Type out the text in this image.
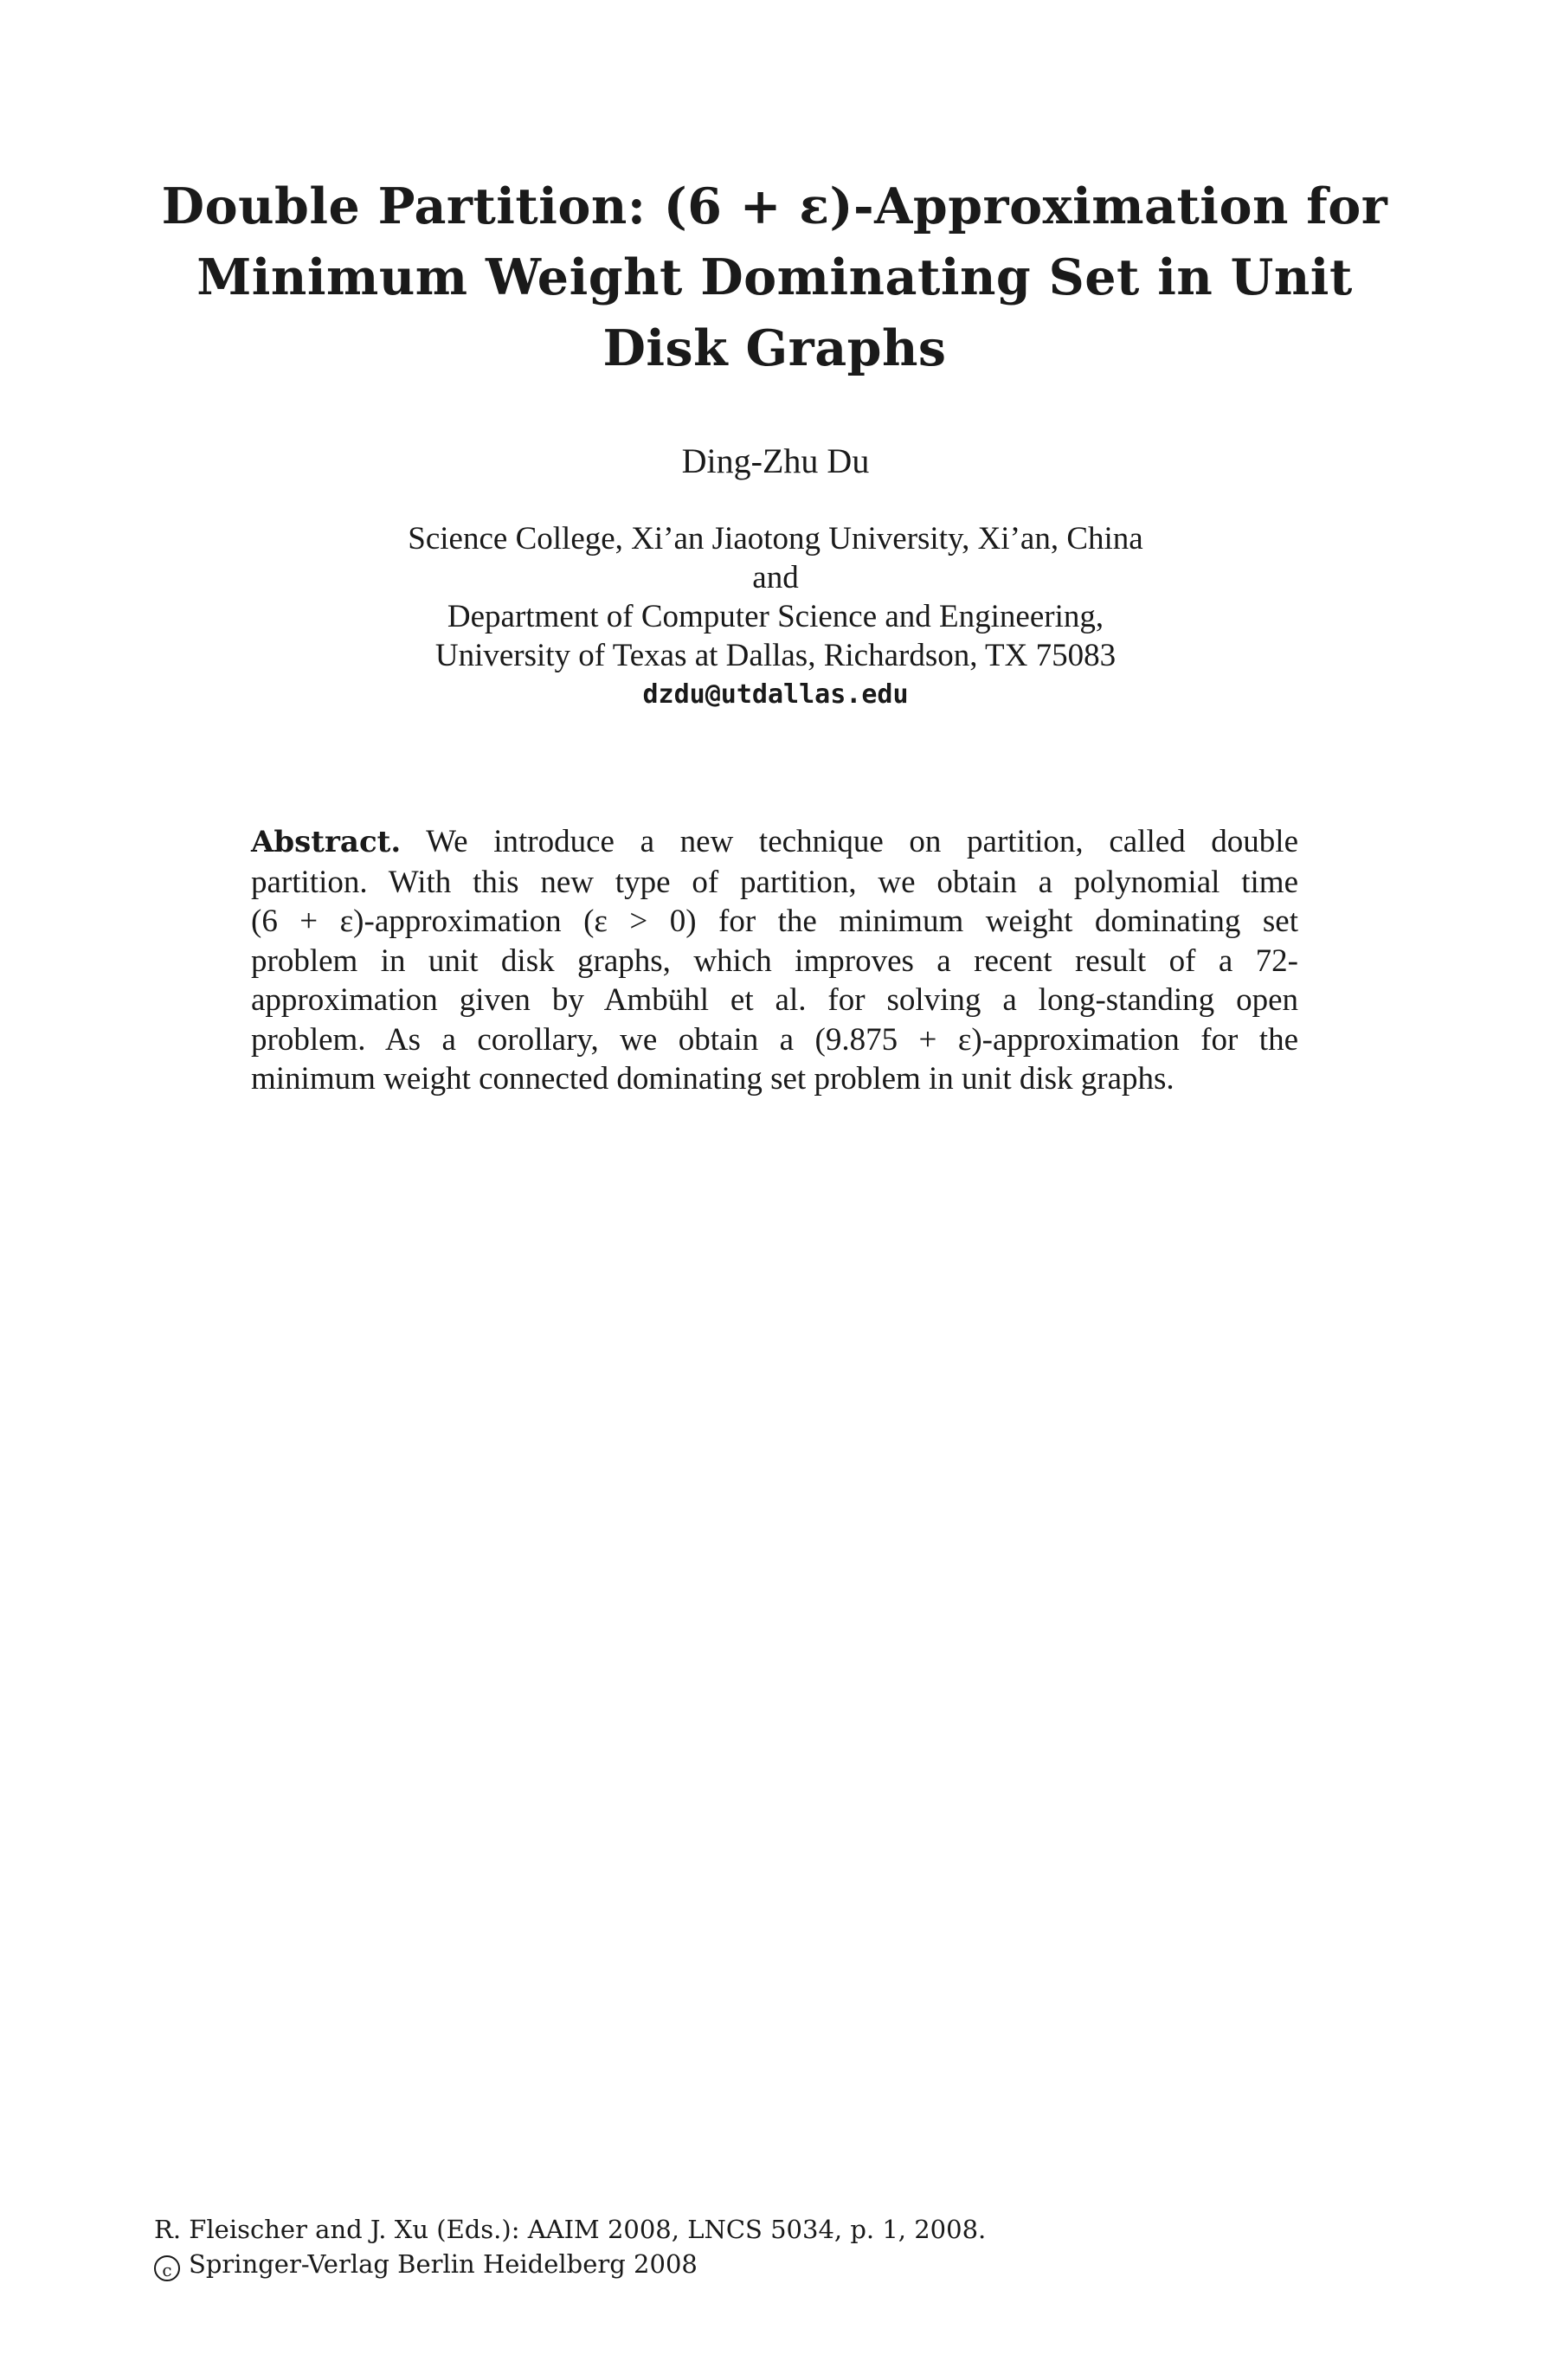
Double Partition: (6 + ε)-Approximation for
Minimum Weight Dominating Set in Unit
Disk Graphs
Ding-Zhu Du
Science College, Xi’an Jiaotong University, Xi’an, China
and
Department of Computer Science and Engineering,
University of Texas at Dallas, Richardson, TX 75083
dzdu@utdallas.edu
Abstract. We introduce a new technique on partition, called double
partition. With this new type of partition, we obtain a polynomial time
(6 + ε)-approximation (ε > 0) for the minimum weight dominating set
problem in unit disk graphs, which improves a recent result of a 72-
approximation given by Ambühl et al. for solving a long-standing open
problem. As a corollary, we obtain a (9.875 + ε)-approximation for the
minimum weight connected dominating set problem in unit disk graphs.
R. Fleischer and J. Xu (Eds.): AAIM 2008, LNCS 5034, p. 1, 2008.
c Springer-Verlag Berlin Heidelberg 2008
